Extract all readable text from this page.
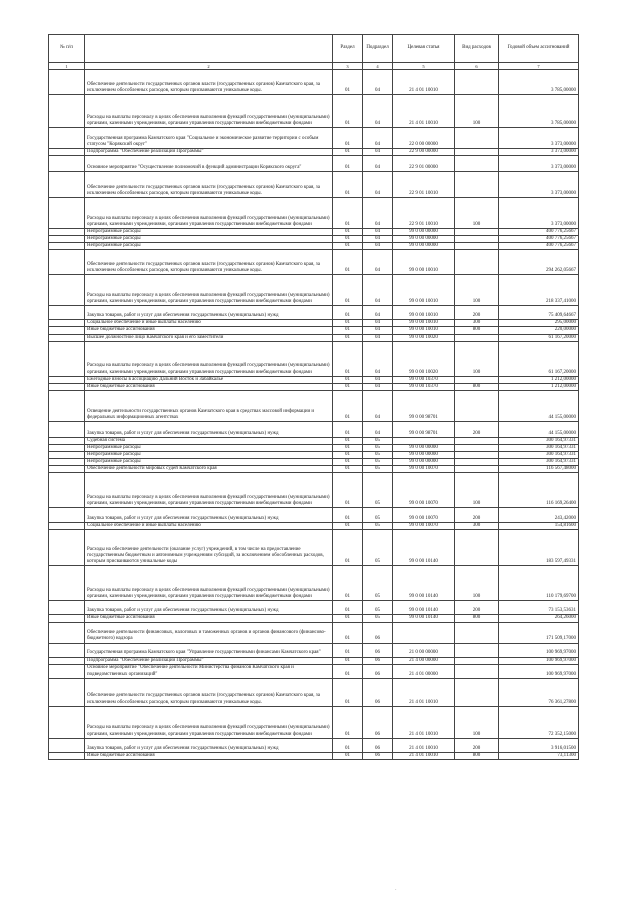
№ п/п		Раздел	Подраздел	Целевая статья	Вид расходов	Годовой объем ассигнований
1	2	3	4	5	6	7
	Обеспечение деятельности государственных органов власти (государственных органов) Камчатского края, за исключением обособленных расходов, которым присваиваются уникальные коды.	01	04	21 4 01 10010		3 785,00000
	Расходы на выплаты персоналу в целях обеспечения выполнения функций государственными (муниципальными) органами, казенными учреждениями, органами управления государственными внебюджетными фондами	01	04	21 4 01 10010	100	3 785,00000
	Государственная программа Камчатского края "Социальное и экономическое развитие территории с особым статусом "Корякский округ"	01	04	22 0 00 00000		3 373,00000
	Подпрограмма "Обеспечение реализации Программы"	01	04	22 9 00 00000		3 373,00000
	Основное мероприятие "Осуществление полномочий в функций администрации Корякского округа"	01	04	22 9 01 00000		3 373,00000
	Обеспечение деятельности государственных органов власти (государственных органов) Камчатского края, за исключением обособленных расходов, которым присваиваются уникальные коды.	01	04	22 9 01 10010		3 373,00000
	Расходы на выплаты персоналу в целях обеспечения выполнения функций государственными (муниципальными) органами, казенными учреждениями, органами управления государственными внебюджетными фондами	01	04	22 9 01 10010	100	3 373,00000
	Непрограммные расходы	01	04	99 0 00 00000		400 776,25667
	Непрограммные расходы	01	04	99 0 00 00000		400 776,25667
	Непрограммные расходы	01	04	99 0 00 00000		400 776,25667
	Обеспечение деятельности государственных органов власти (государственных органов) Камчатского края, за исключением обособленных расходов, которым присваиваются уникальные коды.	01	04	99 0 00 10010		294 262,05667
	Расходы на выплаты персоналу в целях обеспечения выполнения функций государственными (муниципальными) органами, казенными учреждениями, органами управления государственными внебюджетными фондами	01	04	99 0 00 10010	100	218 337,41000
	Закупка товаров, работ и услуг для обеспечения государственных (муниципальных) нужд	01	04	99 0 00 10010	200	75 409,64667
	Социальное обеспечение и иные выплаты населению	01	04	99 0 00 10010	300	295,00000
	Иные бюджетные ассигнования	01	04	99 0 00 10010	800	220,00000
	Высшее должностное лицо Камчатского края и его заместители	01	04	99 0 00 10020		61 167,20000
	Расходы на выплаты персоналу в целях обеспечения выполнения функций государственными (муниципальными) органами, казенными учреждениями, органами управления государственными внебюджетными фондами	01	04	99 0 00 10020	100	61 167,20000
	Ежегодные взносы в ассоциацию Дальний Восток и Забайкалье	01	04	99 0 00 10370		1 212,00000
	Иные бюджетные ассигнования	01	04	99 0 00 10370	800	1 212,00000
	Освещение деятельности государственных органов Камчатского края в средствах массовой информации и федеральных информационных агентствах	01	04	99 0 00 98701		44 155,00000
	Закупка товаров, работ и услуг для обеспечения государственных (муниципальных) нужд	01	04	99 0 00 98701	200	44 155,00000
	Судебная система	01	05			300 164,97331
	Непрограммные расходы	01	05	99 0 00 00000		300 164,97331
	Непрограммные расходы	01	05	99 0 00 00000		300 164,97331
	Непрограммные расходы	01	05	99 0 00 00000		300 164,97331
	Обеспечение деятельности мировых судей Камчатского края	01	05	99 0 00 10070		116 567,48000
	Расходы на выплаты персоналу в целях обеспечения выполнения функций государственными (муниципальными) органами, казенными учреждениями, органами управления государственными внебюджетными фондами	01	05	99 0 00 10070	100	116 169,26400
	Закупка товаров, работ и услуг для обеспечения государственных (муниципальных) нужд	01	05	99 0 00 10070	200	243,42000
	Социальное обеспечение и иные выплаты населению	01	05	99 0 00 10070	300	154,81600
	Расходы на обеспечение деятельности (оказание услуг) учреждений, в том числе на предоставление государственным бюджетным и автономным учреждениям субсидий, за исключением обособленных расходов, которым присваиваются уникальные коды	01	05	99 0 00 10140		183 597,49331
	Расходы на выплаты персоналу в целях обеспечения выполнения функций государственными (муниципальными) органами, казенными учреждениями, органами управления государственными внебюджетными фондами	01	05	99 0 00 10140	100	110 179,69700
	Закупка товаров, работ и услуг для обеспечения государственных (муниципальных) нужд	01	05	99 0 00 10140	200	73 153,53631
	Иные бюджетные ассигнования	01	05	99 0 00 10140	800	264,26000
	Обеспечение деятельности финансовых, налоговых и таможенных органов и органов финансового (финансово-бюджетного) надзора	01	06			171 509,17000
	Государственная программа Камчатского края "Управление государственными финансами Камчатского края"	01	06	21 0 00 00000		100 969,97000
	Подпрограмма "Обеспечение реализации Программы"	01	06	21 4 00 00000		100 969,97000
	Основное мероприятие "Обеспечение деятельности Министерства финансов Камчатского края и подведомственных организаций"	01	06	21 4 01 00000		100 969,97000
	Обеспечение деятельности государственных органов власти (государственных органов) Камчатского края, за исключением обособленных расходов, которым присваиваются уникальные коды.	01	06	21 4 01 10010		76 361,27800
	Расходы на выплаты персоналу в целях обеспечения выполнения функций государственными (муниципальными) органами, казенными учреждениями, органами управления государственными внебюджетными фондами	01	06	21 4 01 10010	100	72 352,15000
	Закупка товаров, работ и услуг для обеспечения государственных (муниципальных) нужд	01	06	21 4 01 10010	200	3 916,01500
	Иные бюджетные ассигнования	01	06	21 4 01 10010	800	73,11300
·
